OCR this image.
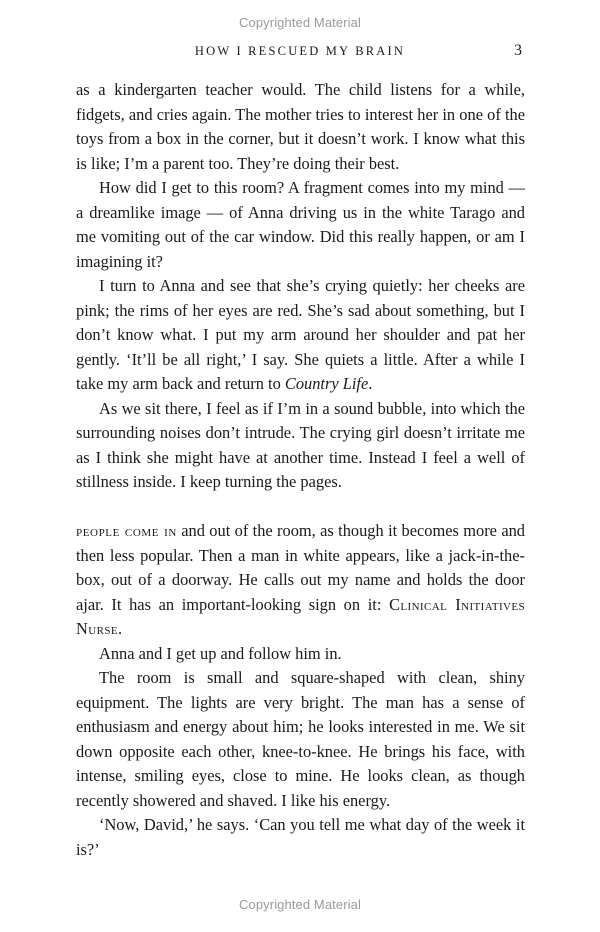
Copyrighted Material
HOW I RESCUED MY BRAIN	3

as a kindergarten teacher would. The child listens for a while, fidgets, and cries again. The mother tries to interest her in one of the toys from a box in the corner, but it doesn’t work. I know what this is like; I’m a parent too. They’re doing their best.

How did I get to this room? A fragment comes into my mind — a dreamlike image — of Anna driving us in the white Tarago and me vomiting out of the car window. Did this really happen, or am I imagining it?

I turn to Anna and see that she’s crying quietly: her cheeks are pink; the rims of her eyes are red. She’s sad about something, but I don’t know what. I put my arm around her shoulder and pat her gently. ‘It’ll be all right,’ I say. She quiets a little. After a while I take my arm back and return to Country Life.

As we sit there, I feel as if I’m in a sound bubble, into which the surrounding noises don’t intrude. The crying girl doesn’t irritate me as I think she might have at another time. Instead I feel a well of stillness inside. I keep turning the pages.

people come in and out of the room, as though it becomes more and then less popular. Then a man in white appears, like a jack-in-the-box, out of a doorway. He calls out my name and holds the door ajar. It has an important-looking sign on it: Clinical Initiatives Nurse.

Anna and I get up and follow him in.

The room is small and square-shaped with clean, shiny equipment. The lights are very bright. The man has a sense of enthusiasm and energy about him; he looks interested in me. We sit down opposite each other, knee-to-knee. He brings his face, with intense, smiling eyes, close to mine. He looks clean, as though recently showered and shaved. I like his energy.

‘Now, David,’ he says. ‘Can you tell me what day of the week it is?’

Copyrighted Material
